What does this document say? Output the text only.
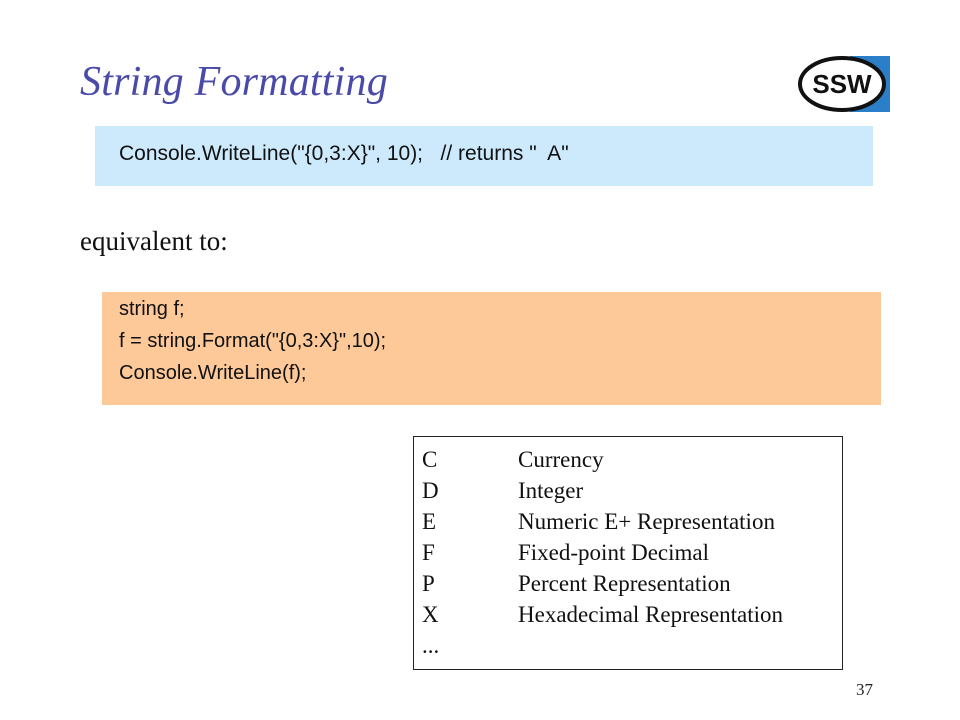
String Formatting	SSW
Console.WriteLine("{0,3:X}", 10);   // returns "  A"
equivalent to:
string f;
f = string.Format("{0,3:X}",10);
Console.WriteLine(f);
C	Currency
D	Integer
E	Numeric E+ Representation
F	Fixed-point Decimal
P	Percent Representation
X	Hexadecimal Representation
...
37
